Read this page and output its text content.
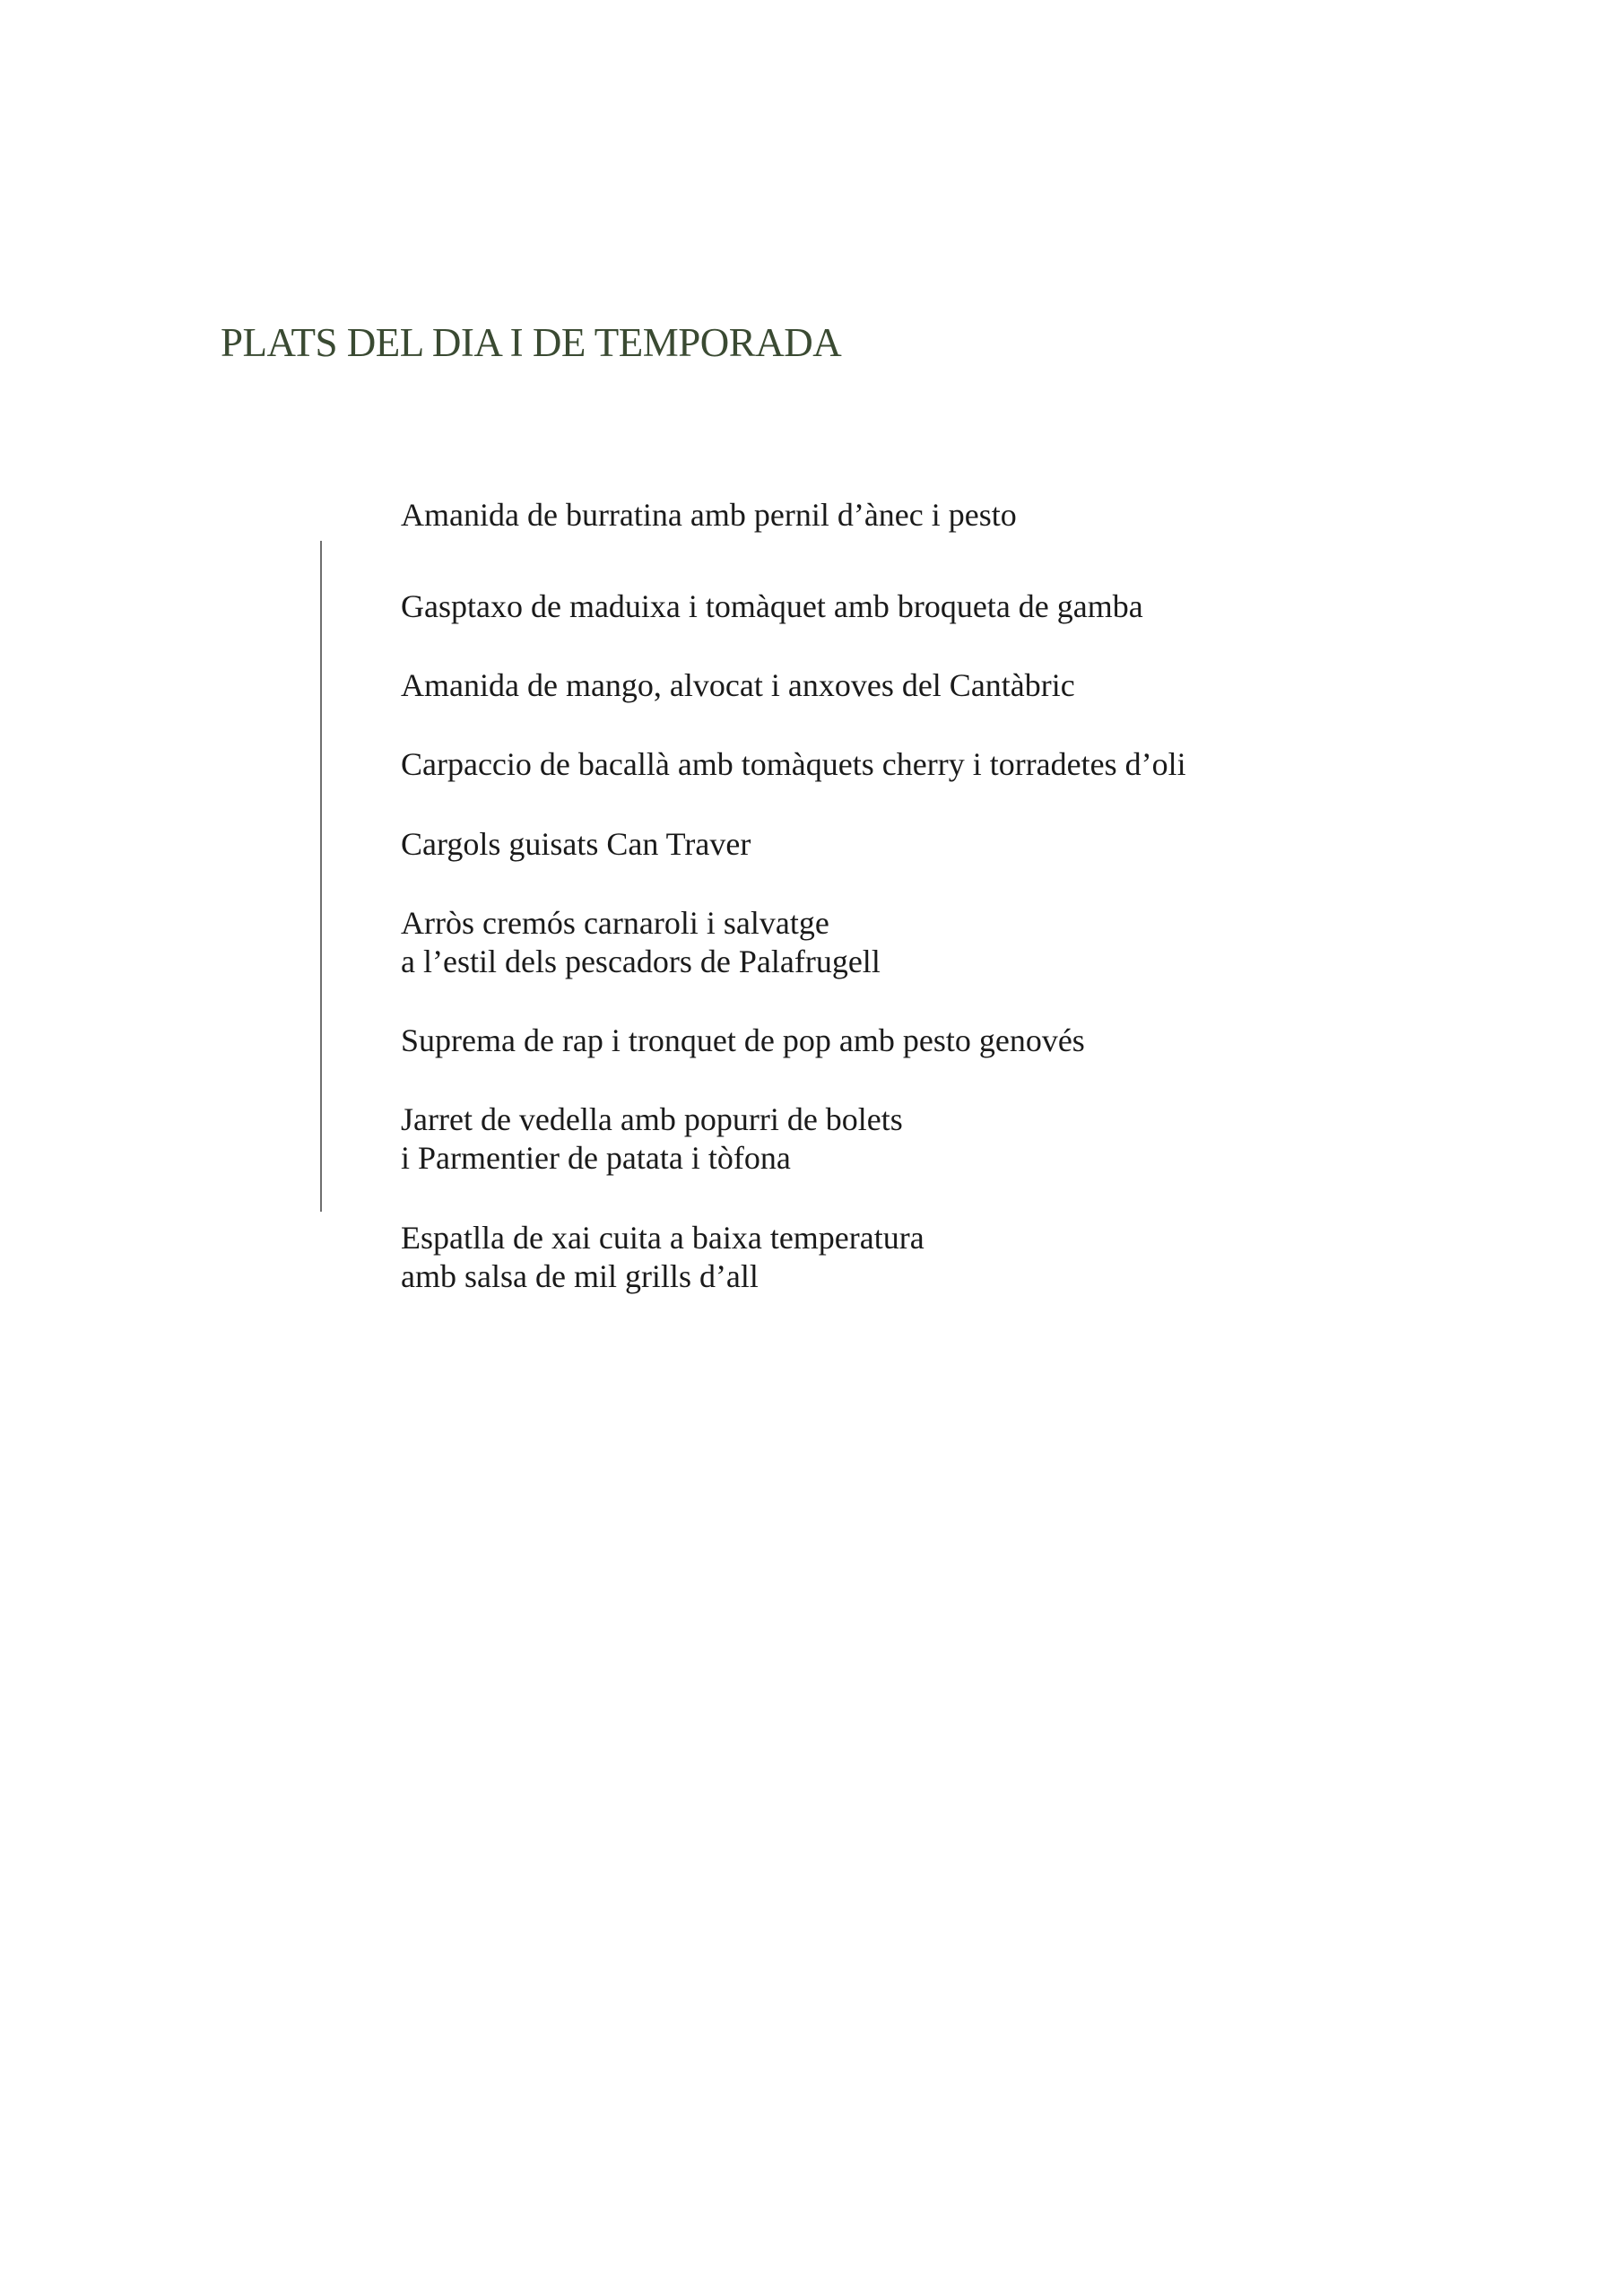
PLATS DEL DIA I DE TEMPORADA
Amanida de burratina amb pernil d’ànec i pesto
Gasptaxo de maduixa i tomàquet amb broqueta de gamba
Amanida de mango, alvocat i anxoves del Cantàbric
Carpaccio de bacallà amb tomàquets cherry i torradetes d’oli
Cargols guisats Can Traver
Arròs cremós carnaroli i salvatge
a l’estil dels pescadors de Palafrugell
Suprema de rap i tronquet de pop amb pesto genovés
Jarret de vedella amb popurri de bolets
i Parmentier de patata i tòfona
Espatlla de xai cuita a baixa temperatura
amb salsa de mil grills d’all
